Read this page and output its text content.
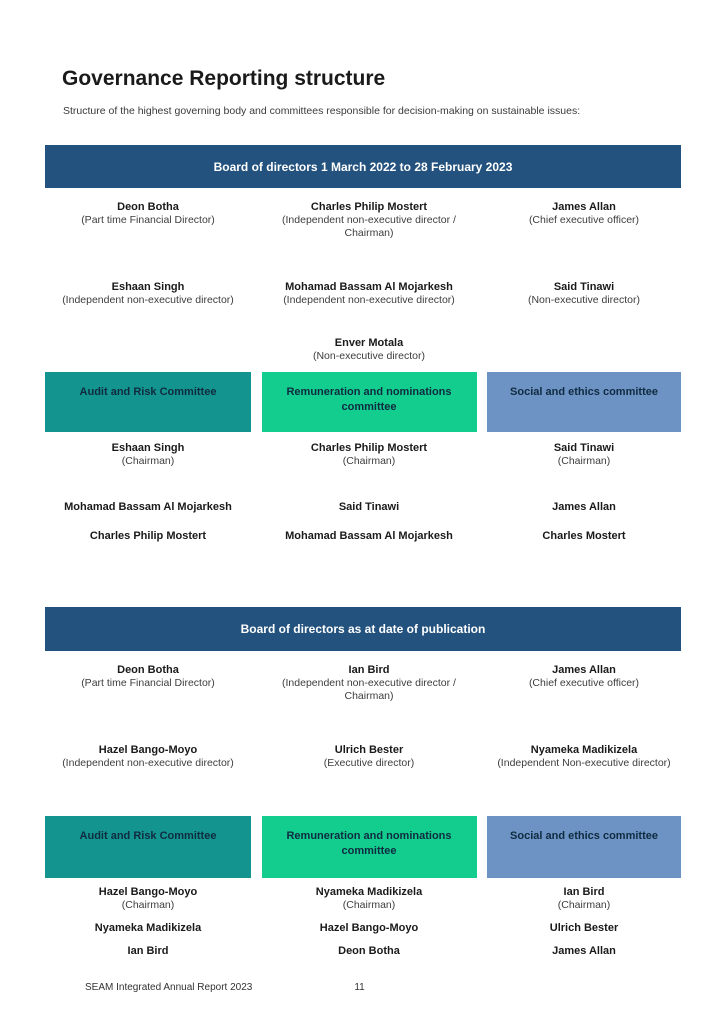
Governance Reporting structure

Structure of the highest governing body and committees responsible for decision-making on sustainable issues:

Board of directors 1 March 2022 to 28 February 2023
Deon Botha
(Part time Financial Director)
Charles Philip Mostert
(Independent non-executive director / Chairman)
James Allan
(Chief executive officer)
Eshaan Singh
(Independent non-executive director)
Mohamad Bassam Al Mojarkesh
(Independent non-executive director)
Said Tinawi
(Non-executive director)
Enver Motala
(Non-executive director)
Audit and Risk Committee
Eshaan Singh
(Chairman)
Mohamad Bassam Al Mojarkesh
Charles Philip Mostert
Remuneration and nominations committee
Charles Philip Mostert
(Chairman)
Said Tinawi
Mohamad Bassam Al Mojarkesh
Social and ethics committee
Said Tinawi
(Chairman)
James Allan
Charles Mostert
Board of directors as at date of publication
Deon Botha
(Part time Financial Director)
Ian Bird
(Independent non-executive director / Chairman)
James Allan
(Chief executive officer)
Hazel Bango-Moyo
(Independent non-executive director)
Ulrich Bester
(Executive director)
Nyameka Madikizela
(Independent Non-executive director)
Audit and Risk Committee
Hazel Bango-Moyo
(Chairman)
Nyameka Madikizela
Ian Bird
Remuneration and nominations committee
Nyameka Madikizela
(Chairman)
Hazel Bango-Moyo
Deon Botha
Social and ethics committee
Ian Bird
(Chairman)
Ulrich Bester
James Allan
SEAM Integrated Annual Report 2023	11
